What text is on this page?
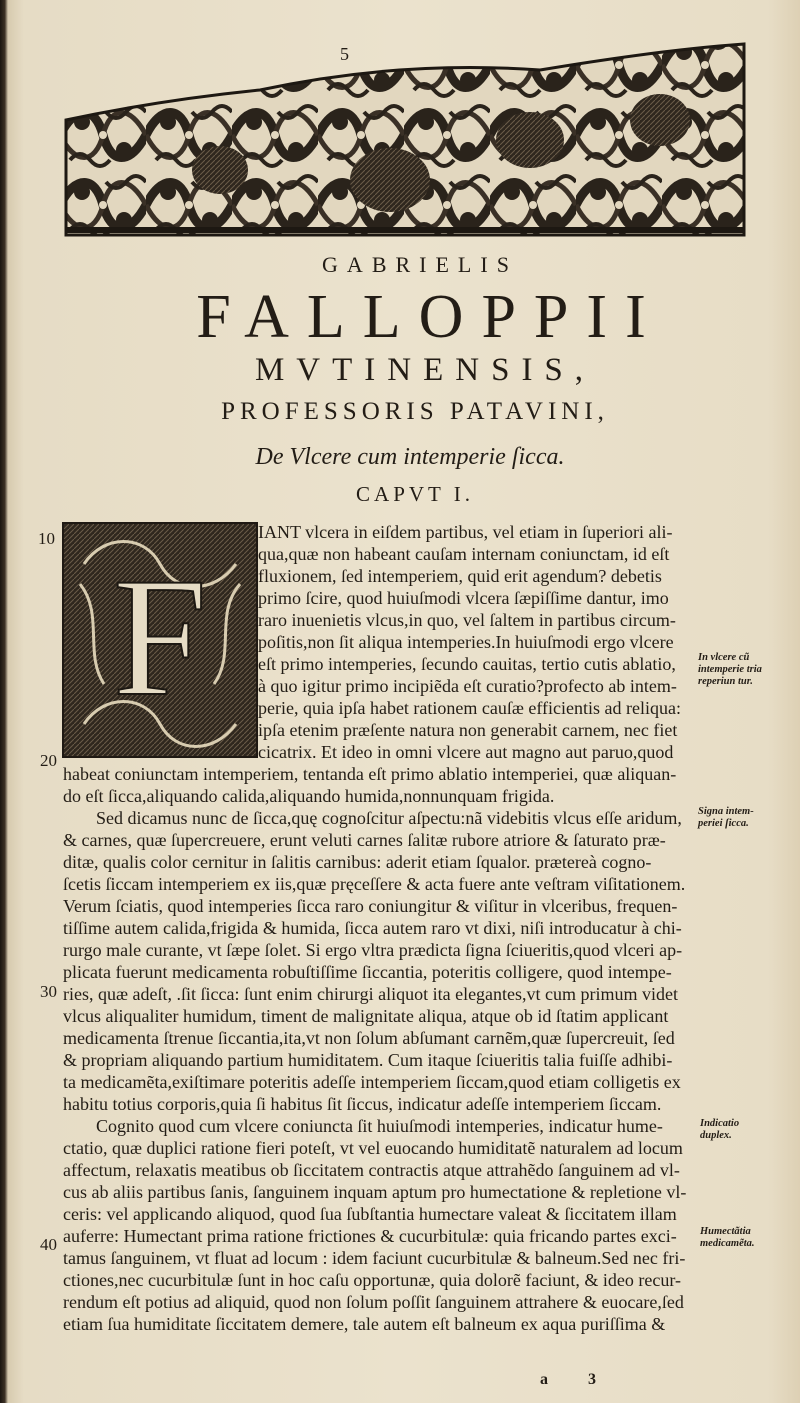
5
GABRIELIS
FALLOPPII
MVTINENSIS,
PROFESSORIS PATAVINI,
De Vlcere cum intemperie ſicca.
CAPVT I.
F
10
20
30
40
IANT vlcera in eiſdem partibus, vel etiam in ſuperiori ali-
qua,quæ non habeant cauſam internam coniunctam, id eſt
fluxionem, ſed intemperiem, quid erit agendum? debetis
primo ſcire, quod huiuſmodi vlcera ſæpiſſime dantur, imo
raro inuenietis vlcus,in quo, vel ſaltem in partibus circum-
poſitis,non ſit aliqua intemperies.In huiuſmodi ergo vlcere
eſt primo intemperies, ſecundo cauitas, tertio cutis ablatio,
à quo igitur primo incipiẽda eſt curatio?profecto ab intem-
perie, quia ipſa habet rationem cauſæ efficientis ad reliqua:
ipſa etenim præſente natura non generabit carnem, nec fiet
cicatrix. Et ideo in omni vlcere aut magno aut paruo,quod
habeat coniunctam intemperiem, tentanda eſt primo ablatio intemperiei, quæ aliquan-
do eſt ſicca,aliquando calida,aliquando humida,nonnunquam frigida.
Sed dicamus nunc de ſicca,quę cognoſcitur aſpectu:nã videbitis vlcus eſſe aridum,
& carnes, quæ ſupercreuere, erunt veluti carnes ſalitæ rubore atriore & ſaturato præ-
ditæ, qualis color cernitur in ſalitis carnibus: aderit etiam ſqualor. prætereà cogno-
ſcetis ſiccam intemperiem ex iis,quæ pręceſſere & acta fuere ante veſtram viſitationem.
Verum ſciatis, quod intemperies ſicca raro coniungitur & viſitur in vlceribus, frequen-
tiſſime autem calida,frigida & humida, ſicca autem raro vt dixi, niſi introducatur à chi-
rurgo male curante, vt ſæpe ſolet. Si ergo vltra prædicta ſigna ſciueritis,quod vlceri ap-
plicata fuerunt medicamenta robuſtiſſime ſiccantia, poteritis colligere, quod intempe-
ries, quæ adeſt, .ſit ſicca: ſunt enim chirurgi aliquot ita elegantes,vt cum primum videt
vlcus aliqualiter humidum, timent de malignitate aliqua, atque ob id ſtatim applicant
medicamenta ſtrenue ſiccantia,ita,vt non ſolum abſumant carnẽm,quæ ſupercreuit, ſed
& propriam aliquando partium humiditatem. Cum itaque ſciueritis talia fuiſſe adhibi-
ta medicamẽta,exiſtimare poteritis adeſſe intemperiem ſiccam,quod etiam colligetis ex
habitu totius corporis,quia ſi habitus ſit ſiccus, indicatur adeſſe intemperiem ſiccam.
Cognito quod cum vlcere coniuncta ſit huiuſmodi intemperies, indicatur hume-
ctatio, quæ duplici ratione fieri poteſt, vt vel euocando humiditatẽ naturalem ad locum
affectum, relaxatis meatibus ob ſiccitatem contractis atque attrahẽdo ſanguinem ad vl-
cus ab aliis partibus ſanis, ſanguinem inquam aptum pro humectatione & repletione vl-
ceris: vel applicando aliquod, quod ſua ſubſtantia humectare valeat & ſiccitatem illam
auferre: Humectant prima ratione frictiones & cucurbitulæ: quia fricando partes exci-
tamus ſanguinem, vt fluat ad locum : idem faciunt cucurbitulæ & balneum.Sed nec fri-
ctiones,nec cucurbitulæ ſunt in hoc caſu opportunæ, quia dolorẽ faciunt, & ideo recur-
rendum eſt potius ad aliquid, quod non ſolum poſſit ſanguinem attrahere & euocare,ſed
etiam ſua humiditate ſiccitatem demere, tale autem eſt balneum ex aqua puriſſima &
In vlcere cũ intemperie tria reperiun tur.
Signa intem- periei ſicca.
Indicatio duplex.
Humectãtia medicamẽta.
a 3
